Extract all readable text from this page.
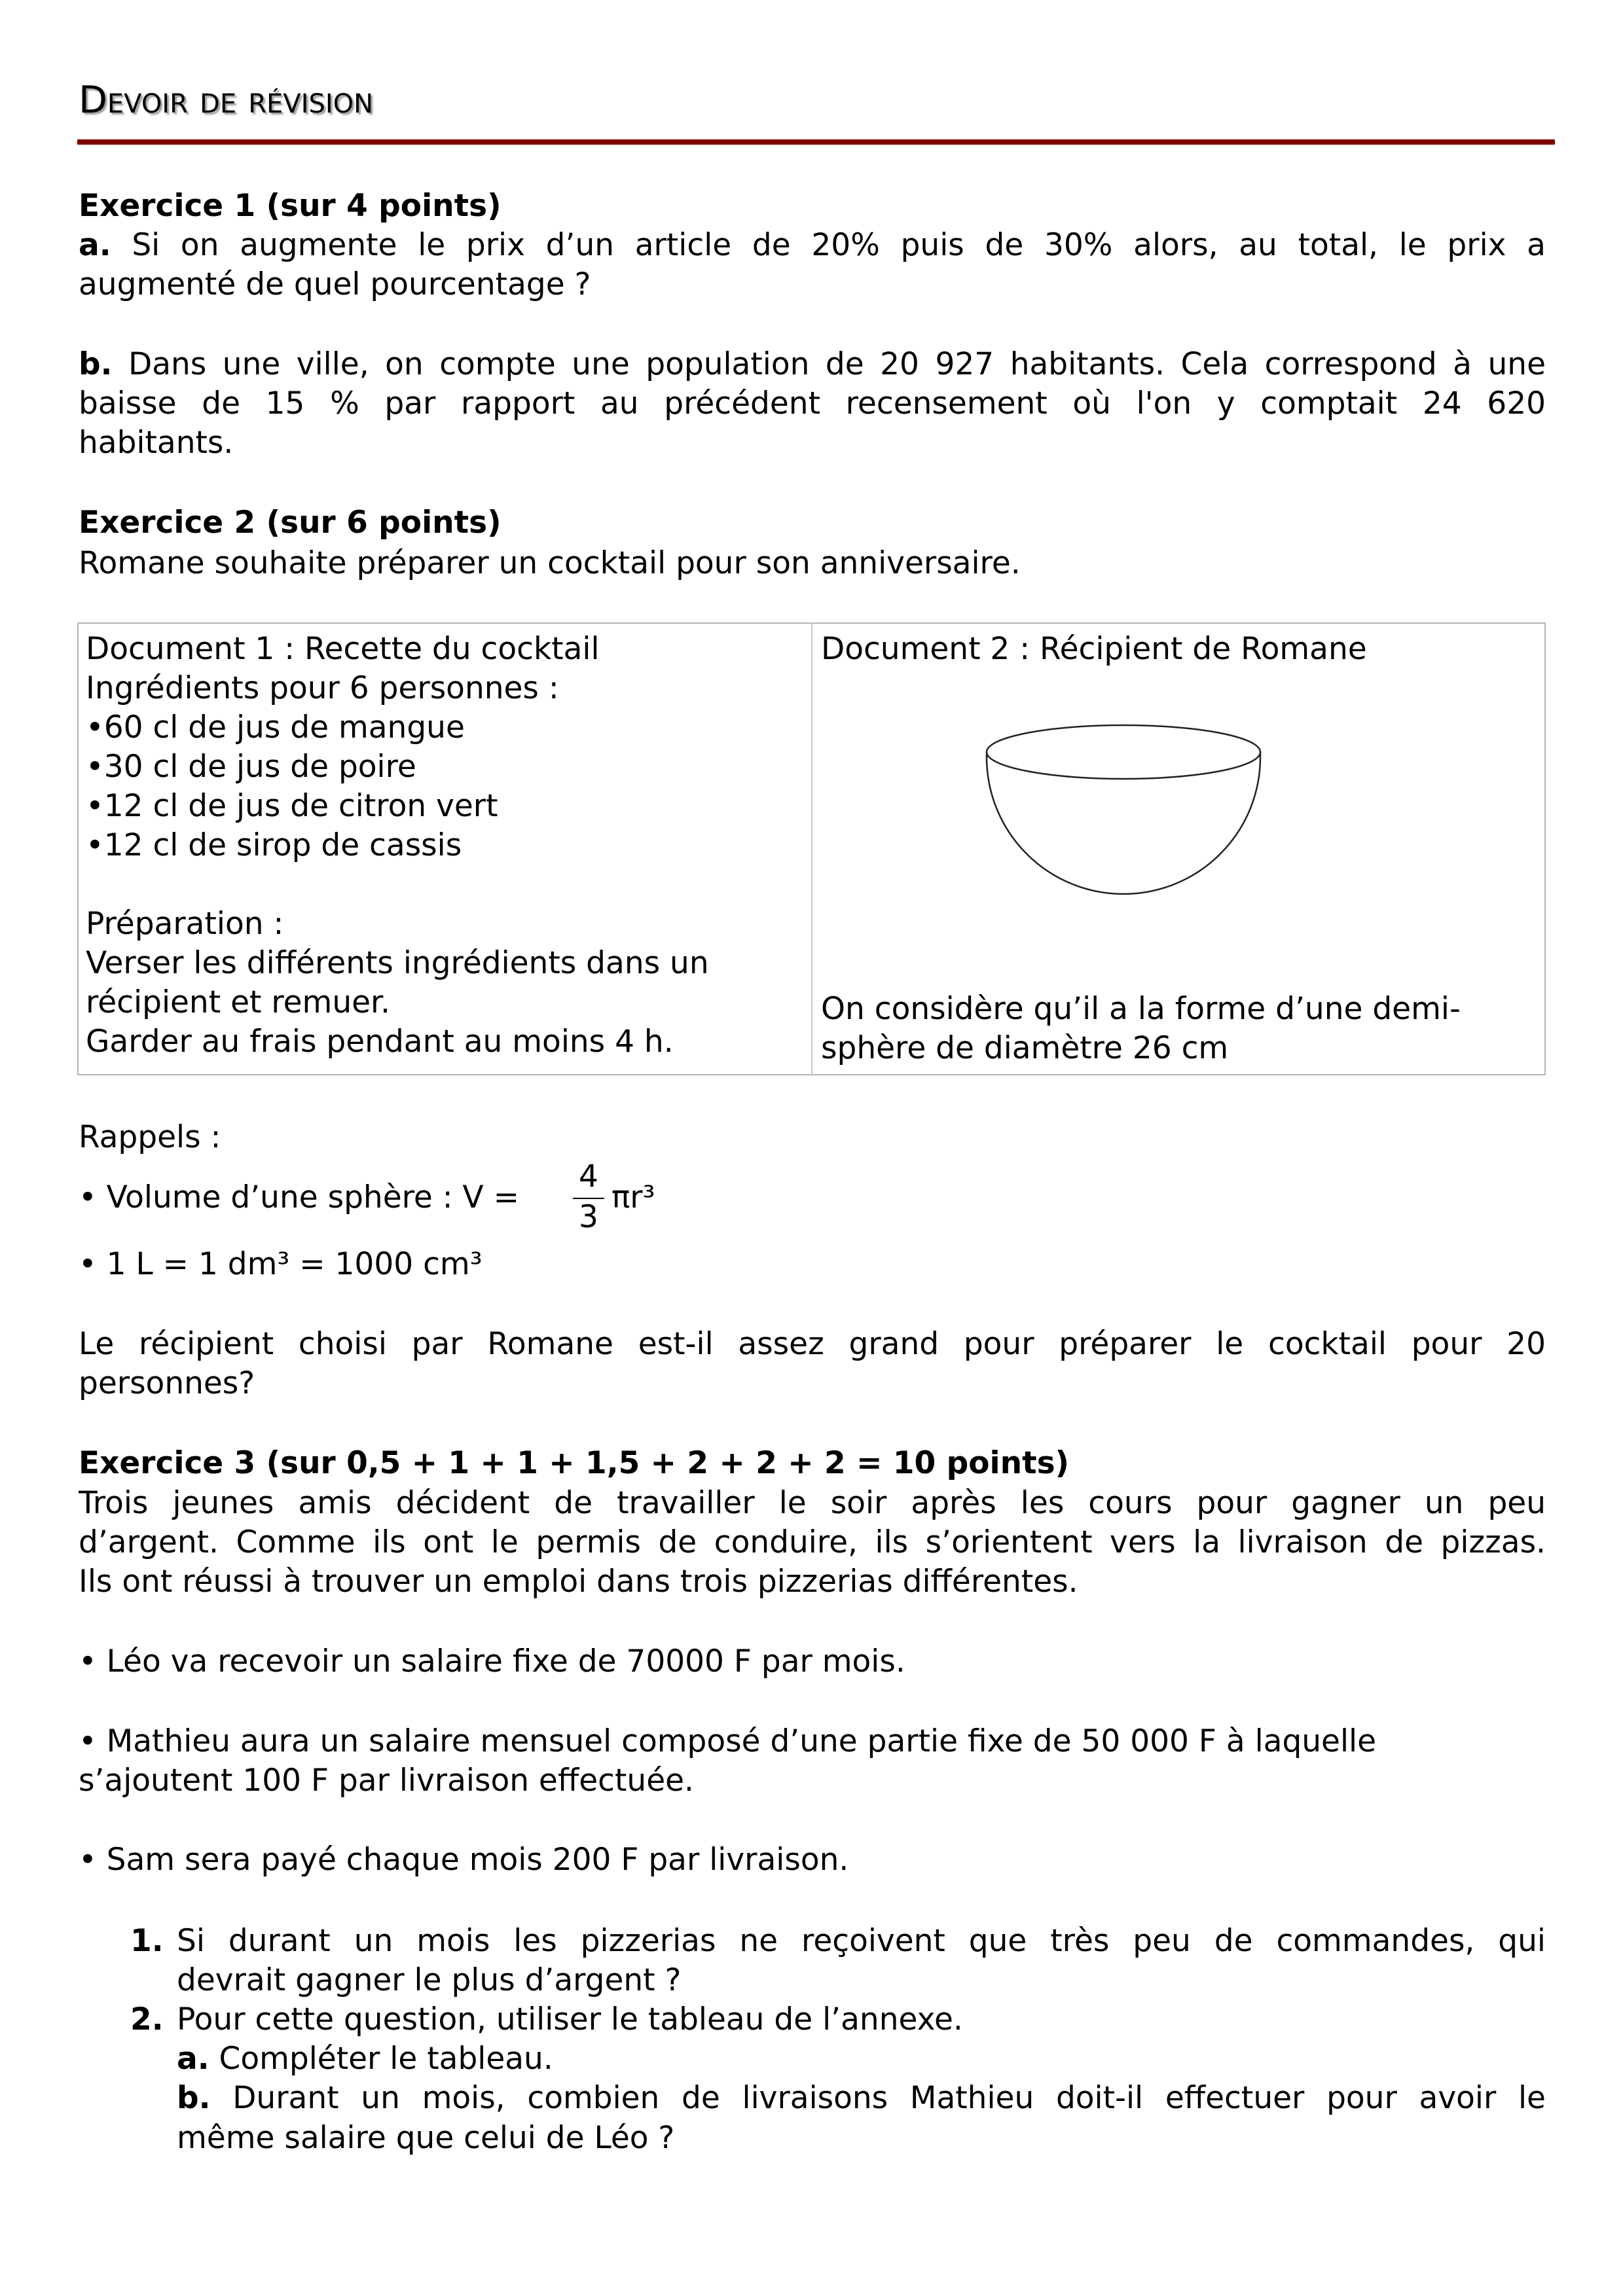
Devoir de révision
Exercice 1 (sur 4 points)
a. Si on augmente le prix d’un article de 20% puis de 30% alors, au total, le prix a
augmenté de quel pourcentage ?
b. Dans une ville, on compte une population de 20 927 habitants. Cela correspond à une
baisse de 15 % par rapport au précédent recensement où l'on y comptait 24 620
habitants.
Exercice 2 (sur 6 points)
Romane souhaite préparer un cocktail pour son anniversaire.
Document 1 : Recette du cocktail
Ingrédients pour 6 personnes :
•60 cl de jus de mangue
•30 cl de jus de poire
•12 cl de jus de citron vert
•12 cl de sirop de cassis
Préparation :
Verser les différents ingrédients dans un
récipient et remuer.
Garder au frais pendant au moins 4 h.
Document 2 : Récipient de Romane
On considère qu’il a la forme d’une demi-
sphère de diamètre 26 cm
Rappels :
• Volume d’une sphère : V =
4
3
πr³
• 1 L = 1 dm³ = 1000 cm³
Le récipient choisi par Romane est-il assez grand pour préparer le cocktail pour 20
personnes?
Exercice 3 (sur 0,5 + 1 + 1 + 1,5 + 2 + 2 + 2 = 10 points)
Trois jeunes amis décident de travailler le soir après les cours pour gagner un peu
d’argent. Comme ils ont le permis de conduire, ils s’orientent vers la livraison de pizzas.
Ils ont réussi à trouver un emploi dans trois pizzerias différentes.
• Léo va recevoir un salaire fixe de 70000 F par mois.
• Mathieu aura un salaire mensuel composé d’une partie fixe de 50 000 F à laquelle
s’ajoutent 100 F par livraison effectuée.
• Sam sera payé chaque mois 200 F par livraison.
1. Si durant un mois les pizzerias ne reçoivent que très peu de commandes, qui
devrait gagner le plus d’argent ?
2. Pour cette question, utiliser le tableau de l’annexe.
a. Compléter le tableau.
b. Durant un mois, combien de livraisons Mathieu doit-il effectuer pour avoir le
même salaire que celui de Léo ?
